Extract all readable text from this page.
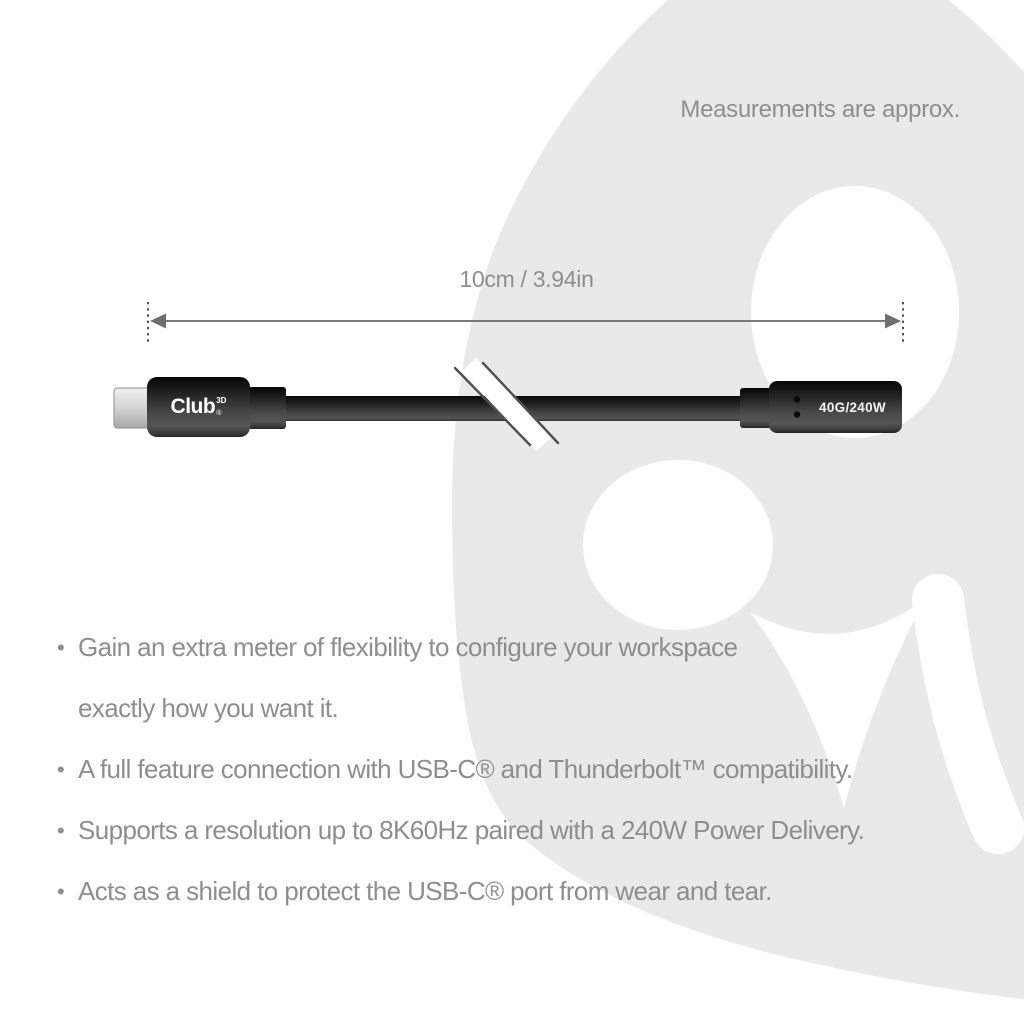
Measurements are approx.
10cm / 3.94in
Club 3D
®	40G/240W
• Gain an extra meter of flexibility to configure your workspace
exactly how you want it.
• A full feature connection with USB-C® and Thunderbolt™ compatibility.
• Supports a resolution up to 8K60Hz paired with a 240W Power Delivery.
• Acts as a shield to protect the USB-C® port from wear and tear.
